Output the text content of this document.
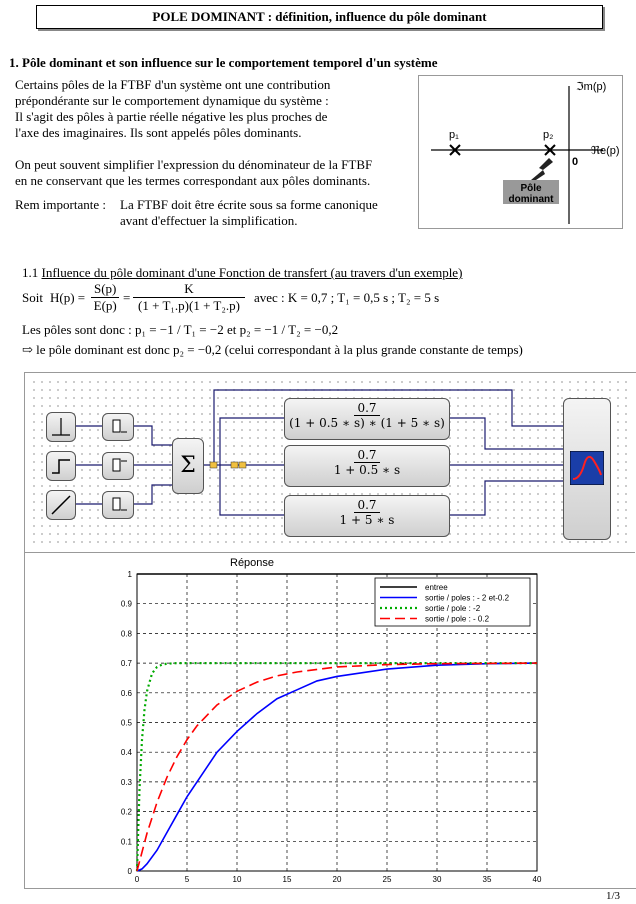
POLE DOMINANT : définition, influence du pôle dominant
1. Pôle dominant et son influence sur le comportement temporel d'un système
Certains pôles de la FTBF d'un système ont une contribution
prépondérante sur le comportement dynamique du système :
Il s'agit des pôles à partie réelle négative les plus proches de
l'axe des imaginaires. Ils sont appelés pôles dominants.
On peut souvent simplifier l'expression du dénominateur de la FTBF
en ne conservant que les termes correspondant aux pôles dominants.
Rem importante : La FTBF doit être écrite sous sa forme canonique
avant d'effectuer la simplification.
ℑm(p)
ℜe(p)
p₁	p₂
0
Pôle
dominant
1.1 Influence du pôle dominant d'une Fonction de transfert (au travers d'un exemple)
Soit H(p) =
S(p)
E(p)
=
K
(1 + T₁.p)(1 + T₂.p)
avec : K = 0,7 ; T₁ = 0,5 s ; T₂ = 5 s
Les pôles sont donc : p₁ = −1 / T₁ = −2 et p₂ = −1 / T₂ = −0,2
⇨ le pôle dominant est donc p₂ = −0,2 (celui correspondant à la plus grande constante de temps)
Σ
0.7
(1 + 0.5 ∗ s) ∗ (1 + 5 ∗ s)
0.7
1 + 0.5 ∗ s
0.7
1 + 5 ∗ s
Réponse
0	5	10	15	20	25	30	35	40
0
0.1
0.2
0.3
0.4
0.5
0.6
0.7
0.8
0.9
1
entree
sortie / poles : - 2 et-0.2
sortie / pole : -2
sortie / pole : - 0.2
1/3
